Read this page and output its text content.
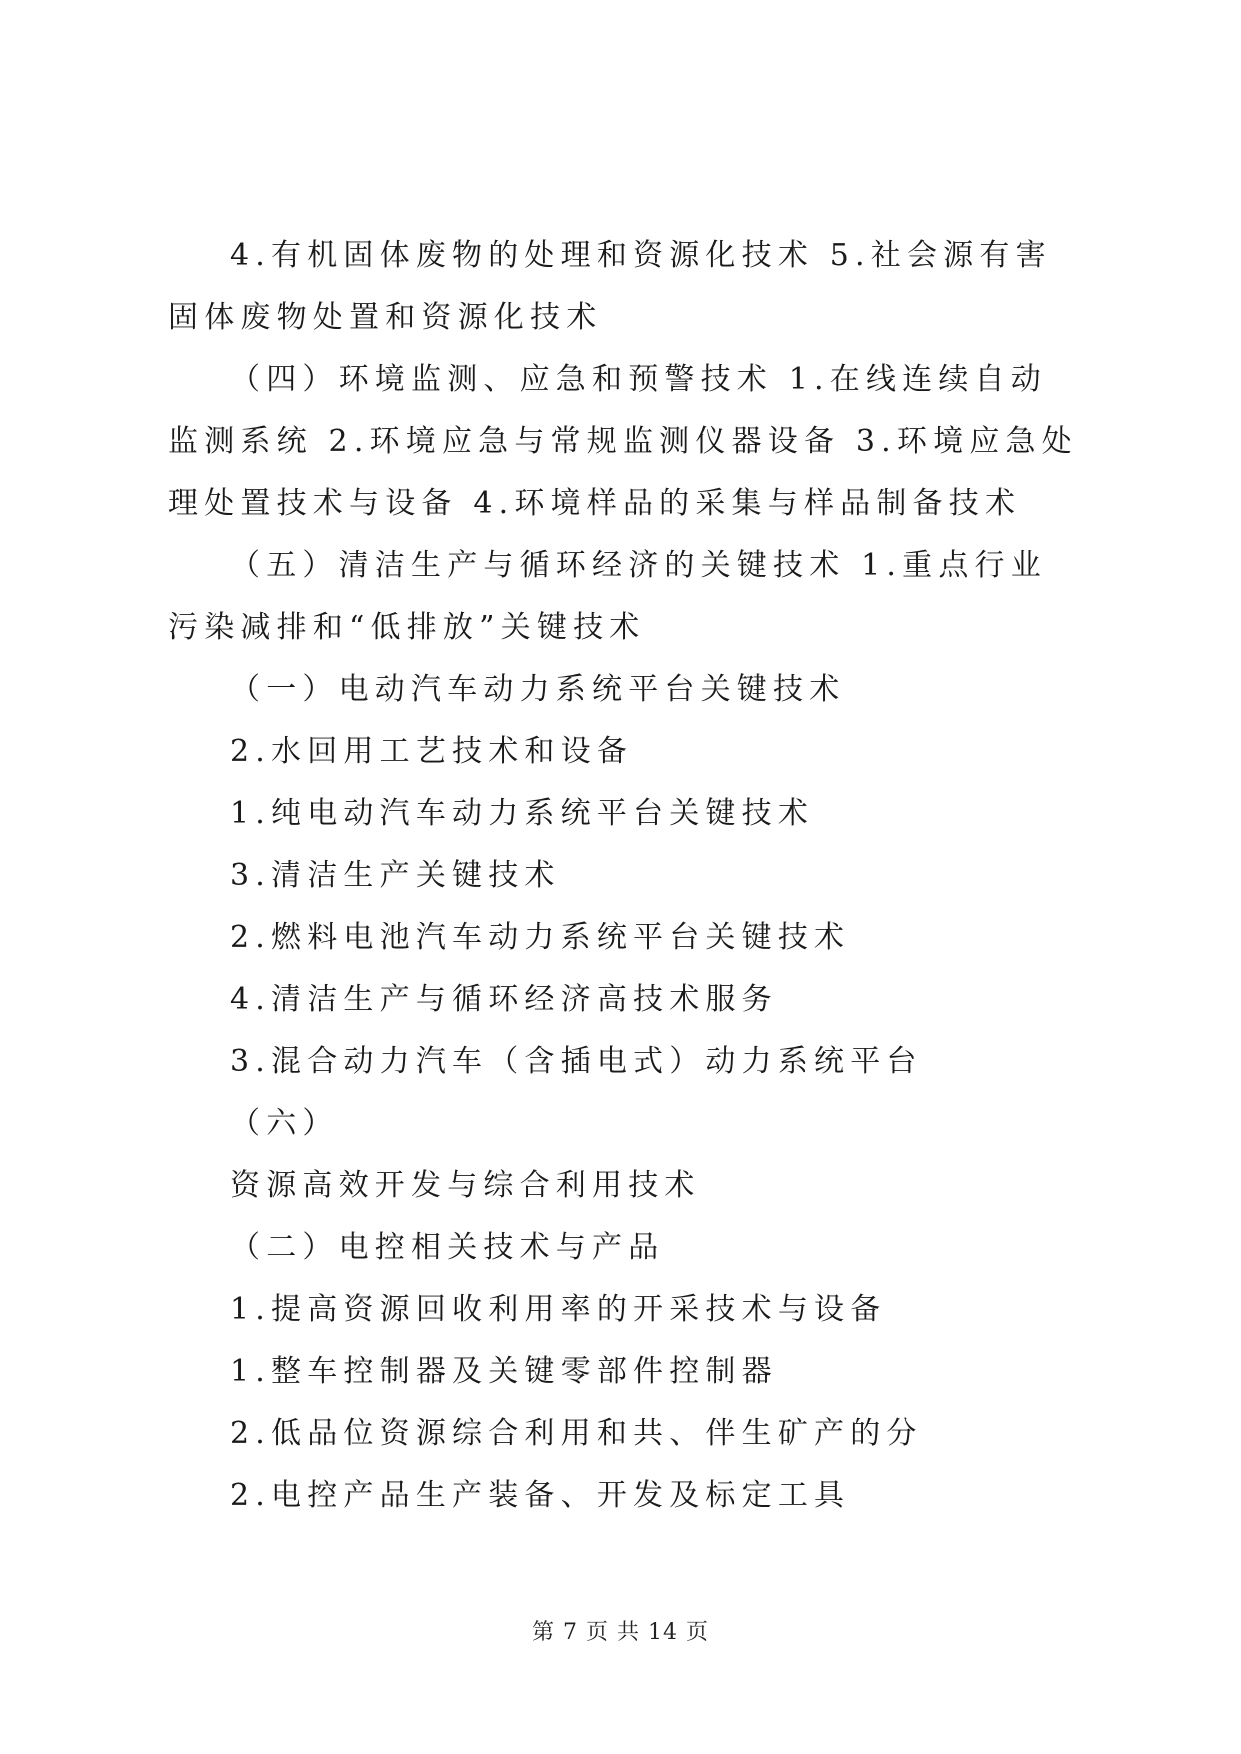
4.有机固体废物的处理和资源化技术 5.社会源有害固体废物处置和资源化技术

（四）环境监测、应急和预警技术 1.在线连续自动监测系统 2.环境应急与常规监测仪器设备 3.环境应急处理处置技术与设备 4.环境样品的采集与样品制备技术

（五）清洁生产与循环经济的关键技术 1.重点行业污染减排和“低排放”关键技术

（一）电动汽车动力系统平台关键技术

2.水回用工艺技术和设备

1.纯电动汽车动力系统平台关键技术

3.清洁生产关键技术

2.燃料电池汽车动力系统平台关键技术

4.清洁生产与循环经济高技术服务

3.混合动力汽车（含插电式）动力系统平台

（六）

资源高效开发与综合利用技术

（二）电控相关技术与产品

1.提高资源回收利用率的开采技术与设备

1.整车控制器及关键零部件控制器

2.低品位资源综合利用和共、伴生矿产的分

2.电控产品生产装备、开发及标定工具

第 7 页 共 14 页
